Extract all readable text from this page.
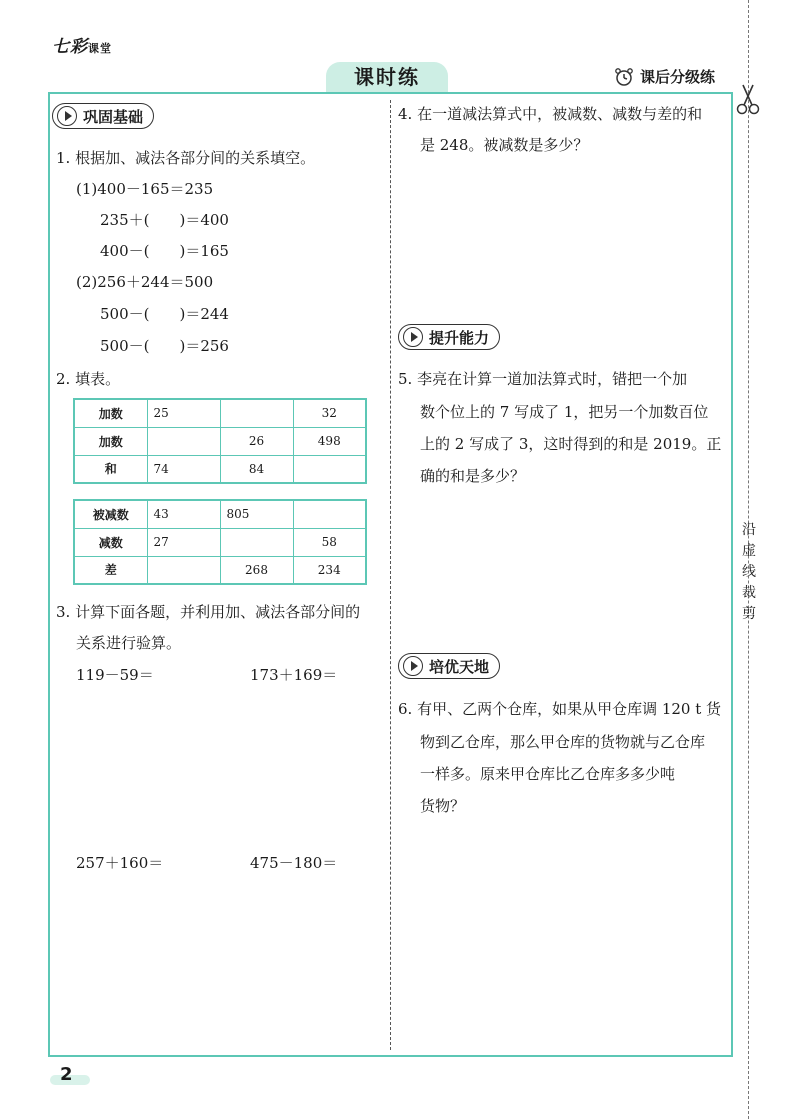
七彩课堂
课时练	课后分级练
沿虚线裁剪
巩固基础
1. 根据加、减法各部分间的关系填空。
(1)400－165＝235
235＋(　　)＝400
400－(　　)＝165
(2)256＋244＝500
500－(　　)＝244
500－(　　)＝256
2. 填表。
加数	25		32
加数		26	498
和	74	84	
被减数	43	805	
减数	27		58
差		268	234
3. 计算下面各题，并利用加、减法各部分间的
关系进行验算。
119－59＝	173＋169＝
257＋160＝	475－180＝
4. 在一道减法算式中，被减数、减数与差的和
是 248。被减数是多少？
提升能力
5. 李亮在计算一道加法算式时，错把一个加
数个位上的 7 写成了 1，把另一个加数百位
上的 2 写成了 3，这时得到的和是 2019。正
确的和是多少？
培优天地
6. 有甲、乙两个仓库，如果从甲仓库调 120 t 货
物到乙仓库，那么甲仓库的货物就与乙仓库
一样多。原来甲仓库比乙仓库多多少吨
货物？
2
